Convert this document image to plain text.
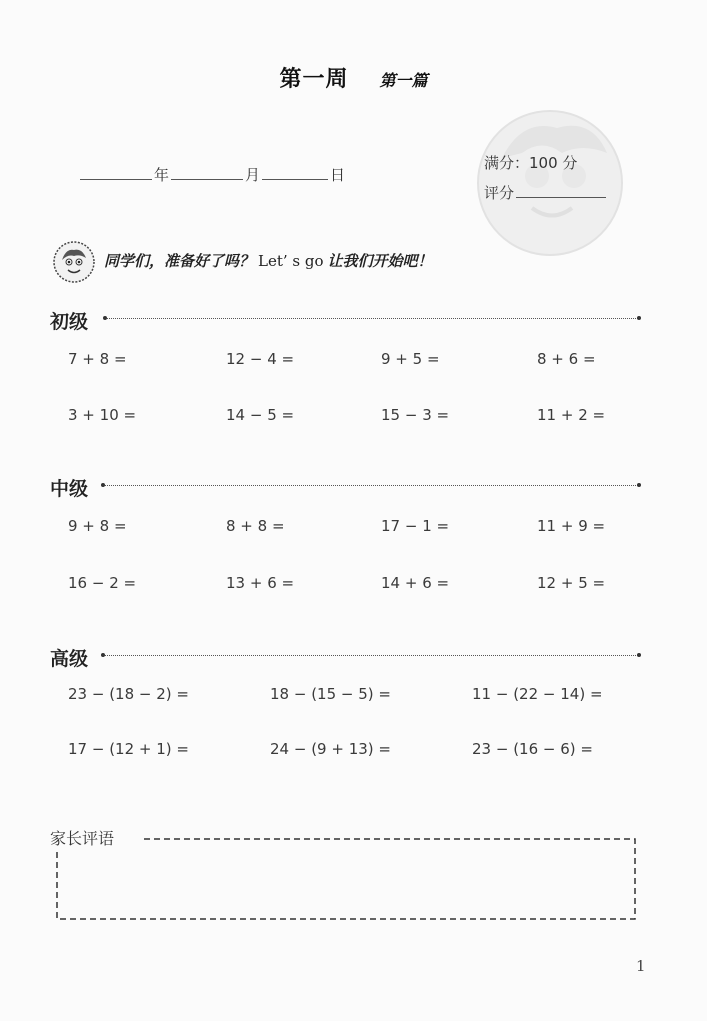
第一周 第一篇
年	月	日
满分：100 分
评分
同学们，准备好了吗？ Let’ s go 让我们开始吧！
初级
7 + 8 =	12 − 4 =	9 + 5 =	8 + 6 =
3 + 10 =	14 − 5 =	15 − 3 =	11 + 2 =
中级
9 + 8 =	8 + 8 =	17 − 1 =	11 + 9 =
16 − 2 =	13 + 6 =	14 + 6 =	12 + 5 =
高级
23 − (18 − 2) =	18 − (15 − 5) =	11 − (22 − 14) =
17 − (12 + 1) =	24 − (9 + 13) =	23 − (16 − 6) =
家长评语
1
